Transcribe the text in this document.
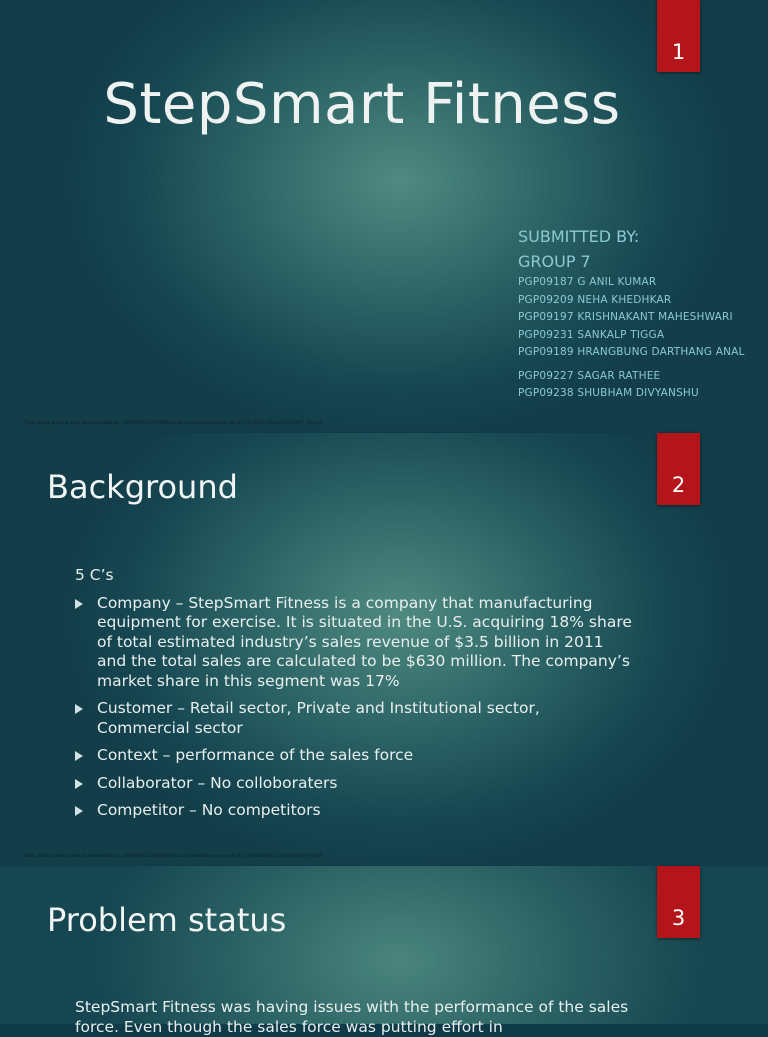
1
StepSmart Fitness
SUBMITTED BY:
GROUP 7
PGP09187 G ANIL KUMAR
PGP09209 NEHA KHEDHKAR
PGP09197 KRISHNAKANT MAHESHWARI
PGP09231 SANKALP TIGGA
PGP09189 HRANGBUNG DARTHANG ANAL
PGP09227 SAGAR RATHEE
PGP09238 SHUBHAM DIVYANSHU
This study source was downloaded by 100000852700848 from CourseHero.com on 07-29-2022 08:12:56 GMT -05:00
2
Background
5 C’s
Company – StepSmart Fitness is a company that manufacturing equipment for exercise. It is situated in the U.S. acquiring 18% share of total estimated industry’s sales revenue of $3.5 billion in 2011 and the total sales are calculated to be $630 million. The company’s market share in this segment was 17%
Customer – Retail sector, Private and Institutional sector, Commercial sector
Context – performance of the sales force
Collaborator – No colloboraters
Competitor – No competitors
This study source was downloaded by 100000852700848 from CourseHero.com on 07-29-2022 08:12:56 GMT -05:00
3
Problem status

StepSmart Fitness was having issues with the performance of the sales force. Even though the sales force was putting effort in
